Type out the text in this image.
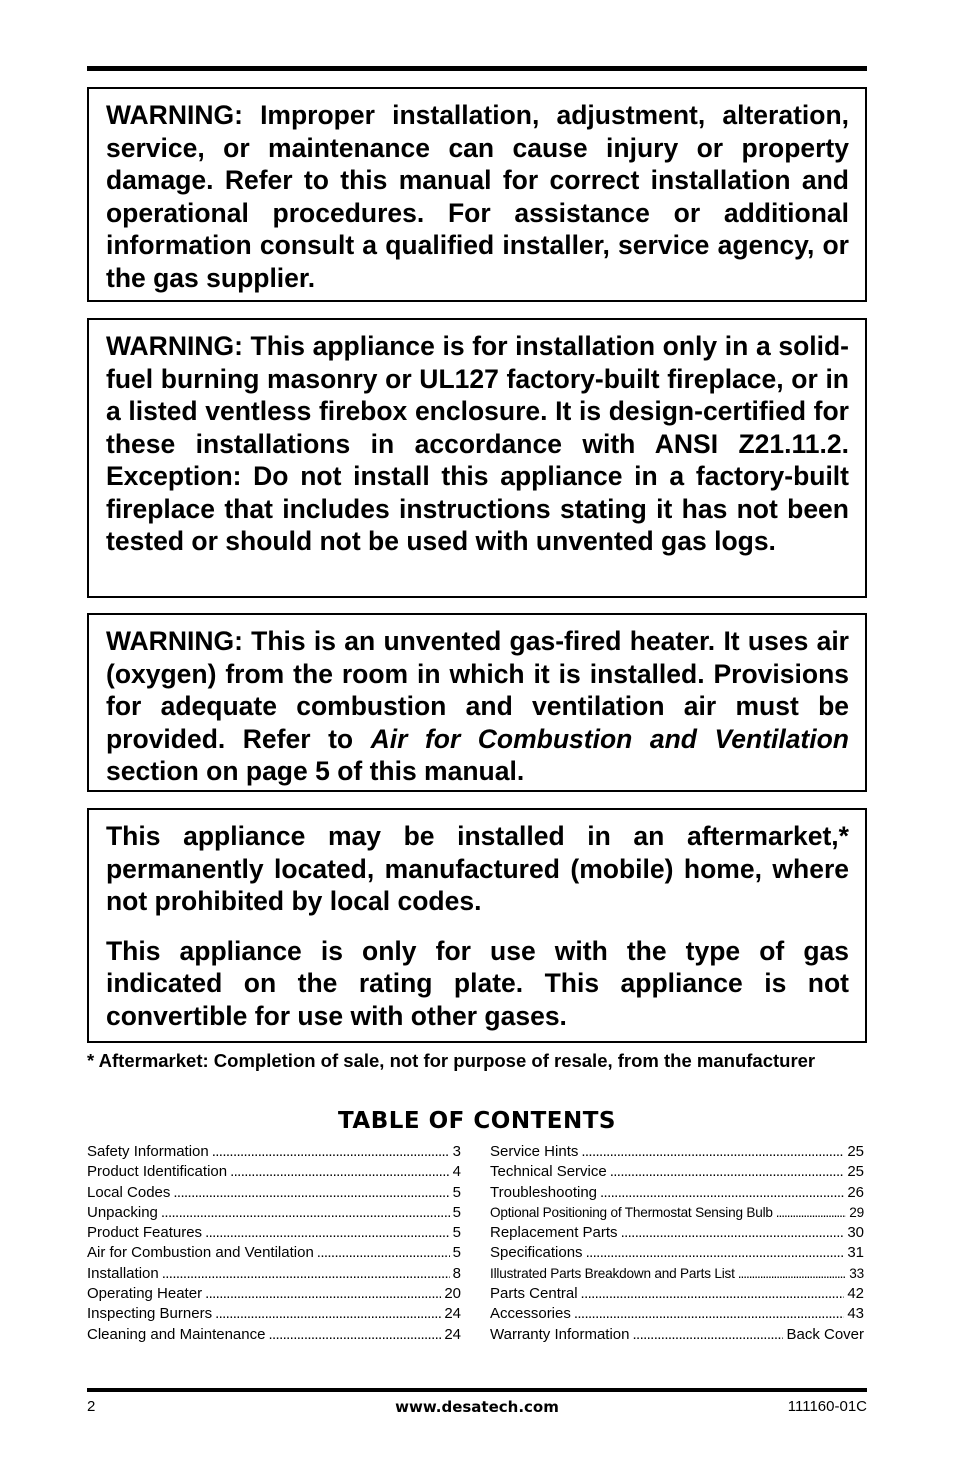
WARNING: Improper installation, adjustment, alteration, service, or maintenance can cause injury or property damage. Refer to this manual for correct installation and operational procedures. For assistance or additional information consult a qualified installer, service agency, or the gas supplier.

WARNING: This appliance is for installation only in a solid-fuel burning masonry or UL127 factory-built fireplace, or in a listed ventless firebox enclosure. It is design-certified for these installations in accordance with ANSI Z21.11.2. Exception: Do not install this appliance in a factory-built fireplace that includes instructions stating it has not been tested or should not be used with unvented gas logs.

WARNING: This is an unvented gas-fired heater. It uses air (oxygen) from the room in which it is installed. Provisions for adequate combustion and ventilation air must be provided. Refer to Air for Combustion and Ventilation section on page 5 of this manual.

This appliance may be installed in an aftermarket,* permanently located, manufactured (mobile) home, where not prohibited by local codes.

This appliance is only for use with the type of gas indicated on the rating plate. This appliance is not convertible for use with other gases.

* Aftermarket: Completion of sale, not for purpose of resale, from the manufacturer
TABLE OF CONTENTS
Safety Information . . .	3
Product Identification . . .	4
Local Codes . . .	5
Unpacking . . .	5
Product Features . . .	5
Air for Combustion and Ventilation . . .	5
Installation . . .	8
Operating Heater . . .	20
Inspecting Burners . . .	24
Cleaning and Maintenance . . .	24
Service Hints . . .	25
Technical Service . . .	25
Troubleshooting . . .	26
Optional Positioning of Thermostat Sensing Bulb . . .	29
Replacement Parts . . .	30
Specifications . . .	31
Illustrated Parts Breakdown and Parts List . . .	33
Parts Central . . .	42
Accessories . . .	43
Warranty Information . . .	Back Cover
2	www.desatech.com	111160-01C
